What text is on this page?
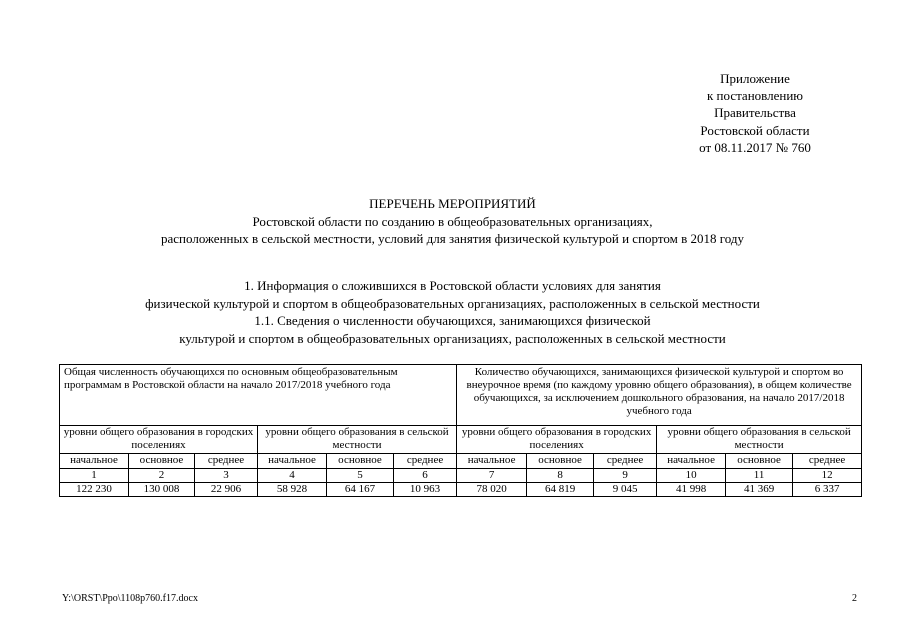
Приложение
к постановлению
Правительства
Ростовской области
от 08.11.2017 № 760
ПЕРЕЧЕНЬ МЕРОПРИЯТИЙ
Ростовской области по созданию в общеобразовательных организациях,
расположенных в сельской местности, условий для занятия физической культурой и спортом в 2018 году
1. Информация о сложившихся в Ростовской области условиях для занятия
физической культурой и спортом в общеобразовательных организациях, расположенных в сельской местности
1.1. Сведения о численности обучающихся, занимающихся физической
культурой и спортом в общеобразовательных организациях, расположенных в сельской местности
Общая численность обучающихся по основным общеобразовательным программам в Ростовской области на начало 2017/2018 учебного года						Количество обучающихся, занимающихся физической культурой и спортом во внеурочное время (по каждому уровню общего образования), в общем количестве обучающихся, за исключением дошкольного образования, на начало 2017/2018 учебного года					
уровни общего образования в городских поселениях			уровни общего образования в сельской местности			уровни общего образования в городских поселениях			уровни общего образования в сельской местности		
начальное	основное	среднее	начальное	основное	среднее	начальное	основное	среднее	начальное	основное	среднее
1	2	3	4	5	6	7	8	9	10	11	12
122 230	130 008	22 906	58 928	64 167	10 963	78 020	64 819	9 045	41 998	41 369	6 337
Y:\ORST\Ppo\1108p760.f17.docx	2
